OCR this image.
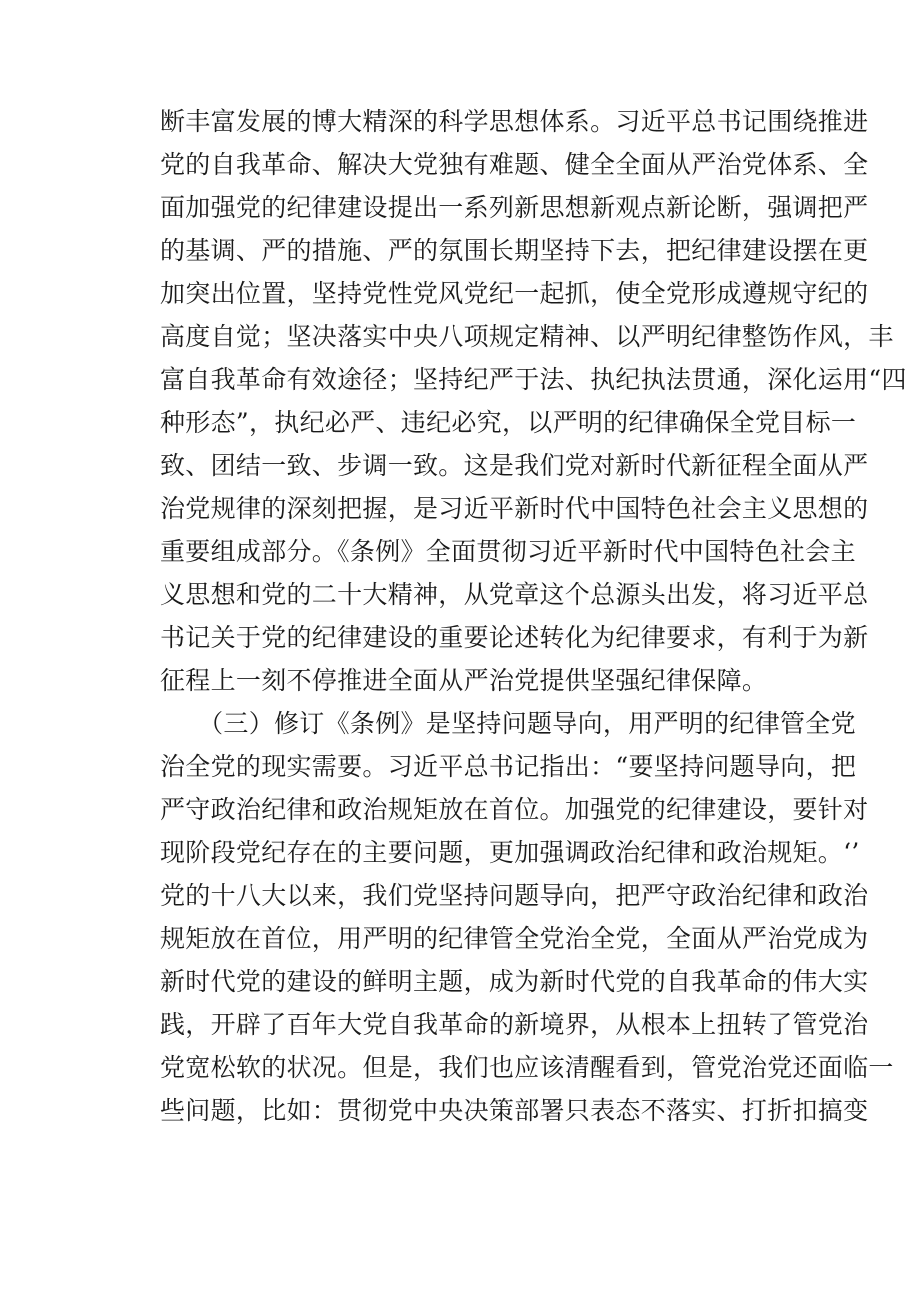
断丰富发展的博大精深的科学思想体系。习近平总书记围绕推进
党的自我革命、解决大党独有难题、健全全面从严治党体系、全
面加强党的纪律建设提出一系列新思想新观点新论断，强调把严
的基调、严的措施、严的氛围长期坚持下去，把纪律建设摆在更
加突出位置，坚持党性党风党纪一起抓，使全党形成遵规守纪的
高度自觉；坚决落实中央八项规定精神、以严明纪律整饬作风，丰
富自我革命有效途径；坚持纪严于法、执纪执法贯通，深化运用“四
种形态”，执纪必严、违纪必究，以严明的纪律确保全党目标一
致、团结一致、步调一致。这是我们党对新时代新征程全面从严
治党规律的深刻把握，是习近平新时代中国特色社会主义思想的
重要组成部分。《条例》全面贯彻习近平新时代中国特色社会主
义思想和党的二十大精神，从党章这个总源头出发，将习近平总
书记关于党的纪律建设的重要论述转化为纪律要求，有利于为新
征程上一刻不停推进全面从严治党提供坚强纪律保障。
　　（三）修订《条例》是坚持问题导向，用严明的纪律管全党
治全党的现实需要。习近平总书记指出：“要坚持问题导向，把
严守政治纪律和政治规矩放在首位。加强党的纪律建设，要针对
现阶段党纪存在的主要问题，更加强调政治纪律和政治规矩。‘’
党的十八大以来，我们党坚持问题导向，把严守政治纪律和政治
规矩放在首位，用严明的纪律管全党治全党，全面从严治党成为
新时代党的建设的鲜明主题，成为新时代党的自我革命的伟大实
践，开辟了百年大党自我革命的新境界，从根本上扭转了管党治
党宽松软的状况。但是，我们也应该清醒看到，管党治党还面临一
些问题，比如：贯彻党中央决策部署只表态不落实、打折扣搞变
